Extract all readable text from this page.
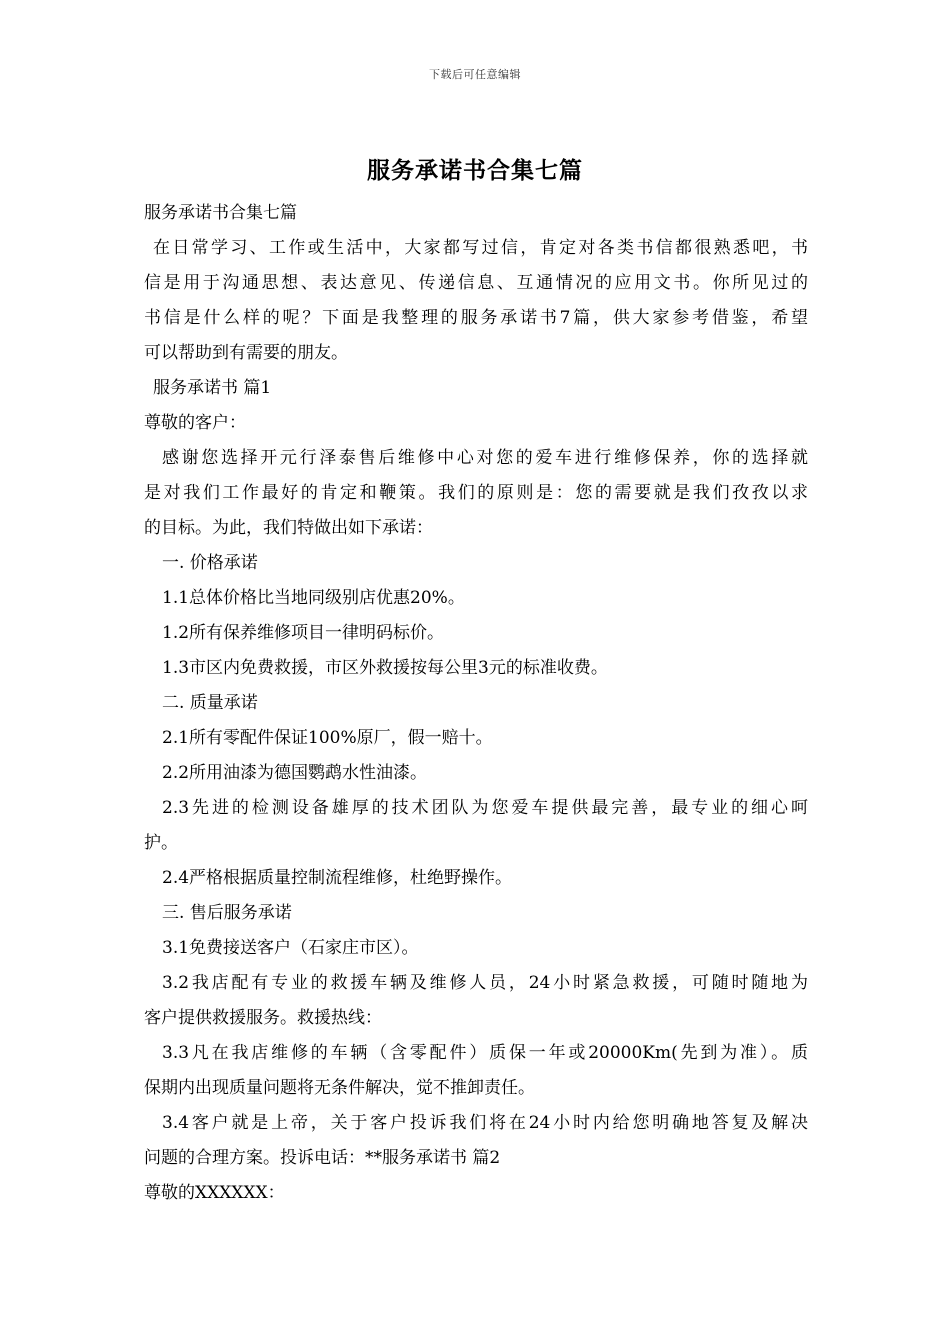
下载后可任意编辑
服务承诺书合集七篇
服务承诺书合集七篇
在日常学习、工作或生活中，大家都写过信，肯定对各类书信都很熟悉吧，书
信是用于沟通思想、表达意见、传递信息、互通情况的应用文书。你所见过的
书信是什么样的呢？下面是我整理的服务承诺书7篇，供大家参考借鉴，希望
可以帮助到有需要的朋友。
服务承诺书 篇1
尊敬的客户：
感谢您选择开元行泽泰售后维修中心对您的爱车进行维修保养，你的选择就
是对我们工作最好的肯定和鞭策。我们的原则是：您的需要就是我们孜孜以求
的目标。为此，我们特做出如下承诺：
一. 价格承诺
1.1总体价格比当地同级别店优惠20%。
1.2所有保养维修项目一律明码标价。
1.3市区内免费救援，市区外救援按每公里3元的标准收费。
二. 质量承诺
2.1所有零配件保证100%原厂，假一赔十。
2.2所用油漆为德国鹦鹉水性油漆。
2.3先进的检测设备雄厚的技术团队为您爱车提供最完善，最专业的细心呵
护。
2.4严格根据质量控制流程维修，杜绝野操作。
三. 售后服务承诺
3.1免费接送客户（石家庄市区）。
3.2我店配有专业的救援车辆及维修人员，24小时紧急救援，可随时随地为
客户提供救援服务。救援热线：
3.3凡在我店维修的车辆（含零配件）质保一年或20000Km(先到为准）。质
保期内出现质量问题将无条件解决，觉不推卸责任。
3.4客户就是上帝，关于客户投诉我们将在24小时内给您明确地答复及解决
问题的合理方案。投诉电话：**服务承诺书 篇2
尊敬的XXXXXX：
